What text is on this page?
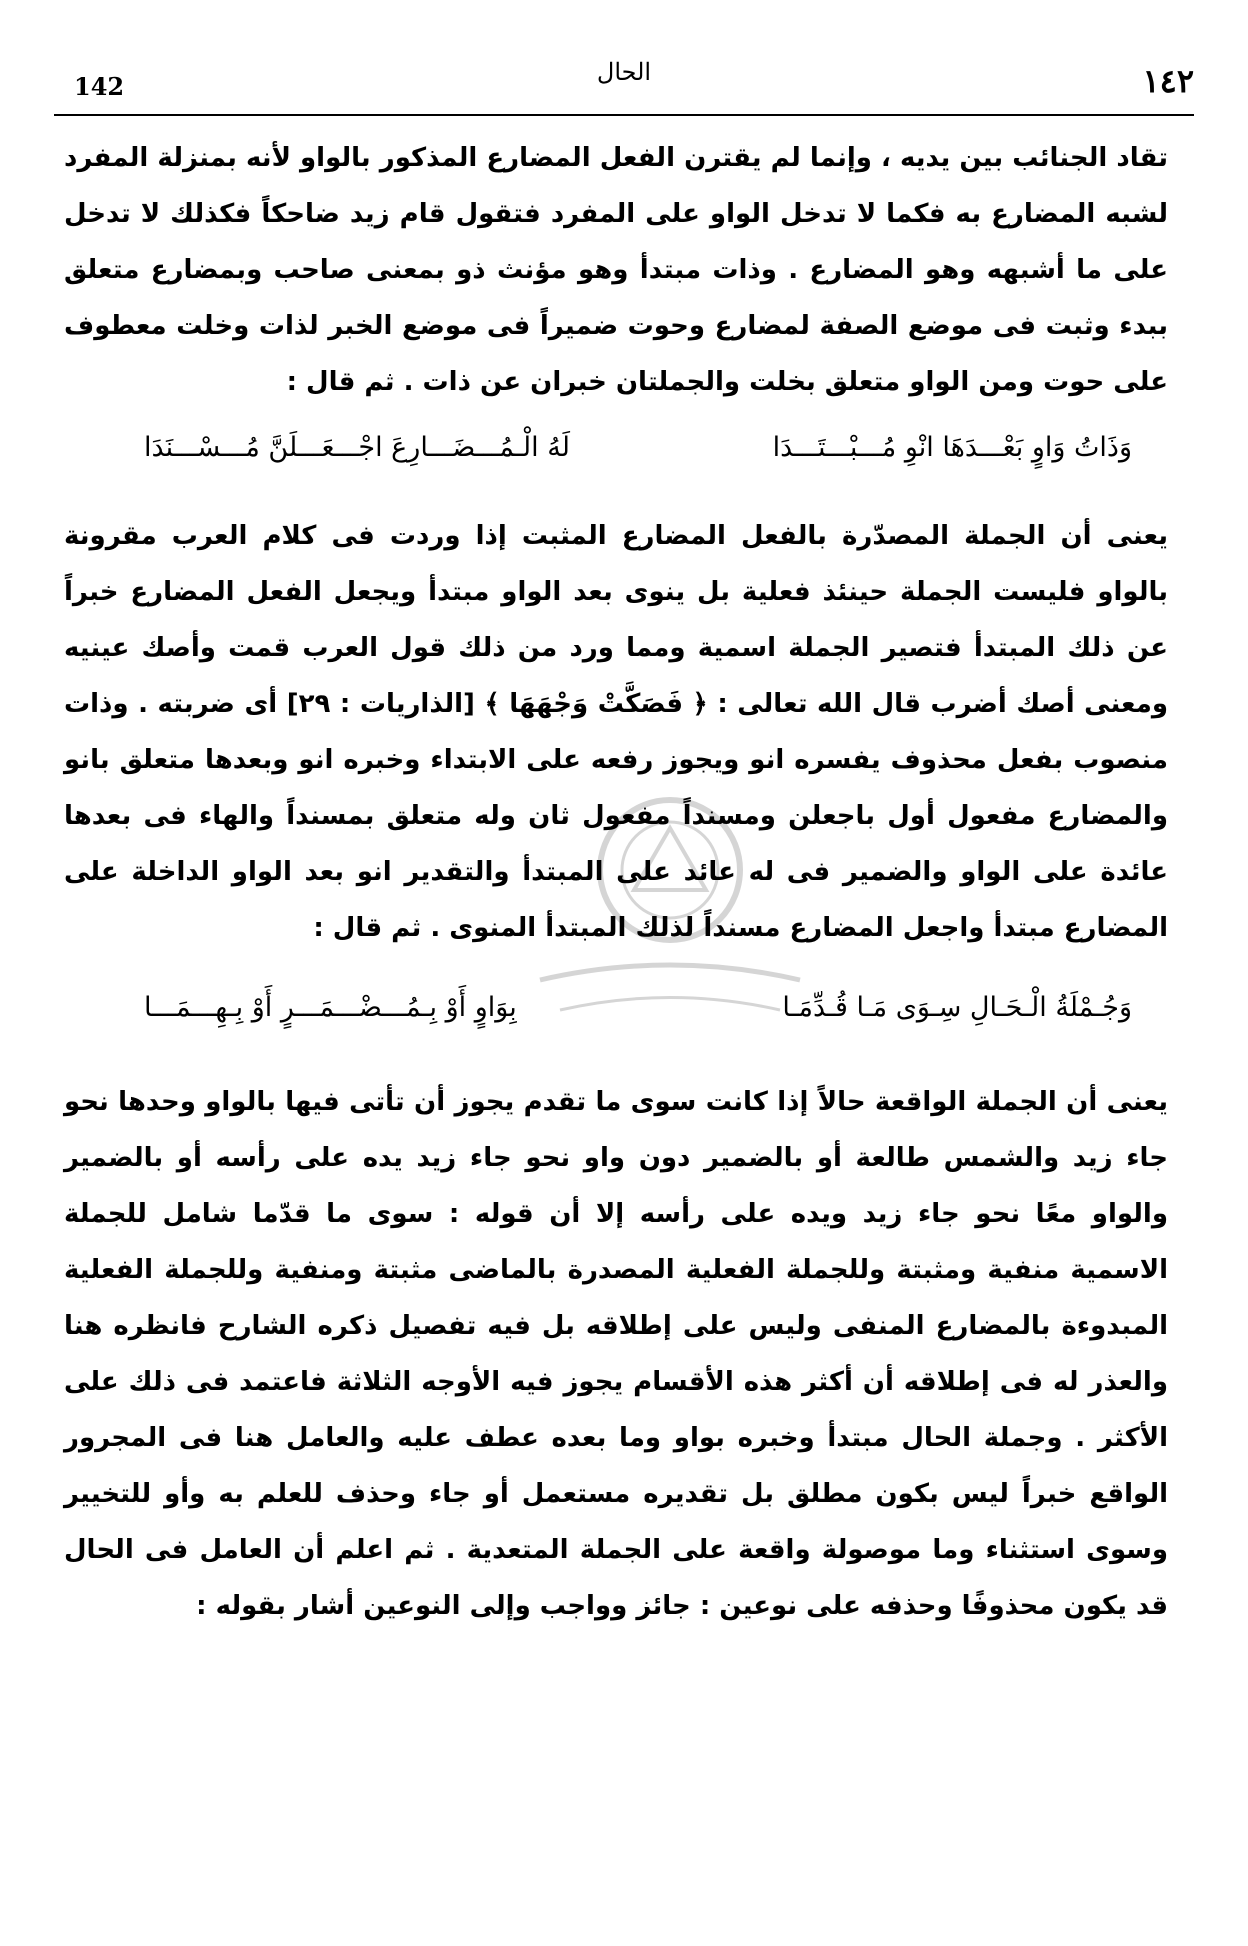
١٤٢
الحال
142

تقاد الجنائب بين يديه ، وإنما لم يقترن الفعل المضارع المذكور بالواو لأنه بمنزلة المفرد لشبه المضارع به فكما لا تدخل الواو على المفرد فتقول قام زيد ضاحكاً فكذلك لا تدخل على ما أشبهه وهو المضارع . وذات مبتدأ وهو مؤنث ذو بمعنى صاحب وبمضارع متعلق ببدء وثبت فى موضع الصفة لمضارع وحوت ضميراً فى موضع الخبر لذات وخلت معطوف على حوت ومن الواو متعلق بخلت والجملتان خبران عن ذات . ثم قال :

وَذَاتُ وَاوٍ بَعْـــدَهَا انْوِ مُـــبْـــتَـــدَا
لَهُ الْـمُـــضَـــارِعَ اجْـــعَـــلَنَّ مُـــسْـــنَدَا

يعنى أن الجملة المصدّرة بالفعل المضارع المثبت إذا وردت فى كلام العرب مقرونة بالواو فليست الجملة حينئذ فعلية بل ينوى بعد الواو مبتدأ ويجعل الفعل المضارع خبراً عن ذلك المبتدأ فتصير الجملة اسمية ومما ورد من ذلك قول العرب قمت وأصك عينيه ومعنى أصك أضرب قال الله تعالى : ﴿ فَصَكَّتْ وَجْهَهَا ﴾ [الذاريات : ٢٩] أى ضربته . وذات منصوب بفعل محذوف يفسره انو ويجوز رفعه على الابتداء وخبره انو وبعدها متعلق بانو والمضارع مفعول أول باجعلن ومسنداً مفعول ثان وله متعلق بمسنداً والهاء فى بعدها عائدة على الواو والضمير فى له عائد على المبتدأ والتقدير انو بعد الواو الداخلة على المضارع مبتدأ واجعل المضارع مسنداً لذلك المبتدأ المنوى . ثم قال :

وَجُـمْلَةُ الْـحَـالِ سِـوَى مَـا قُـدِّمَـا
بِوَاوٍ أَوْ بِـمُـــضْـــمَـــرٍ أَوْ بِـهِـــمَـــا

يعنى أن الجملة الواقعة حالاً إذا كانت سوى ما تقدم يجوز أن تأتى فيها بالواو وحدها نحو جاء زيد والشمس طالعة أو بالضمير دون واو نحو جاء زيد يده على رأسه أو بالضمير والواو معًا نحو جاء زيد ويده على رأسه إلا أن قوله : سوى ما قدّما شامل للجملة الاسمية منفية ومثبتة وللجملة الفعلية المصدرة بالماضى مثبتة ومنفية وللجملة الفعلية المبدوءة بالمضارع المنفى وليس على إطلاقه بل فيه تفصيل ذكره الشارح فانظره هنا والعذر له فى إطلاقه أن أكثر هذه الأقسام يجوز فيه الأوجه الثلاثة فاعتمد فى ذلك على الأكثر . وجملة الحال مبتدأ وخبره بواو وما بعده عطف عليه والعامل هنا فى المجرور الواقع خبراً ليس بكون مطلق بل تقديره مستعمل أو جاء وحذف للعلم به وأو للتخيير وسوى استثناء وما موصولة واقعة على الجملة المتعدية . ثم اعلم أن العامل فى الحال قد يكون محذوفًا وحذفه على نوعين : جائز وواجب وإلى النوعين أشار بقوله :
